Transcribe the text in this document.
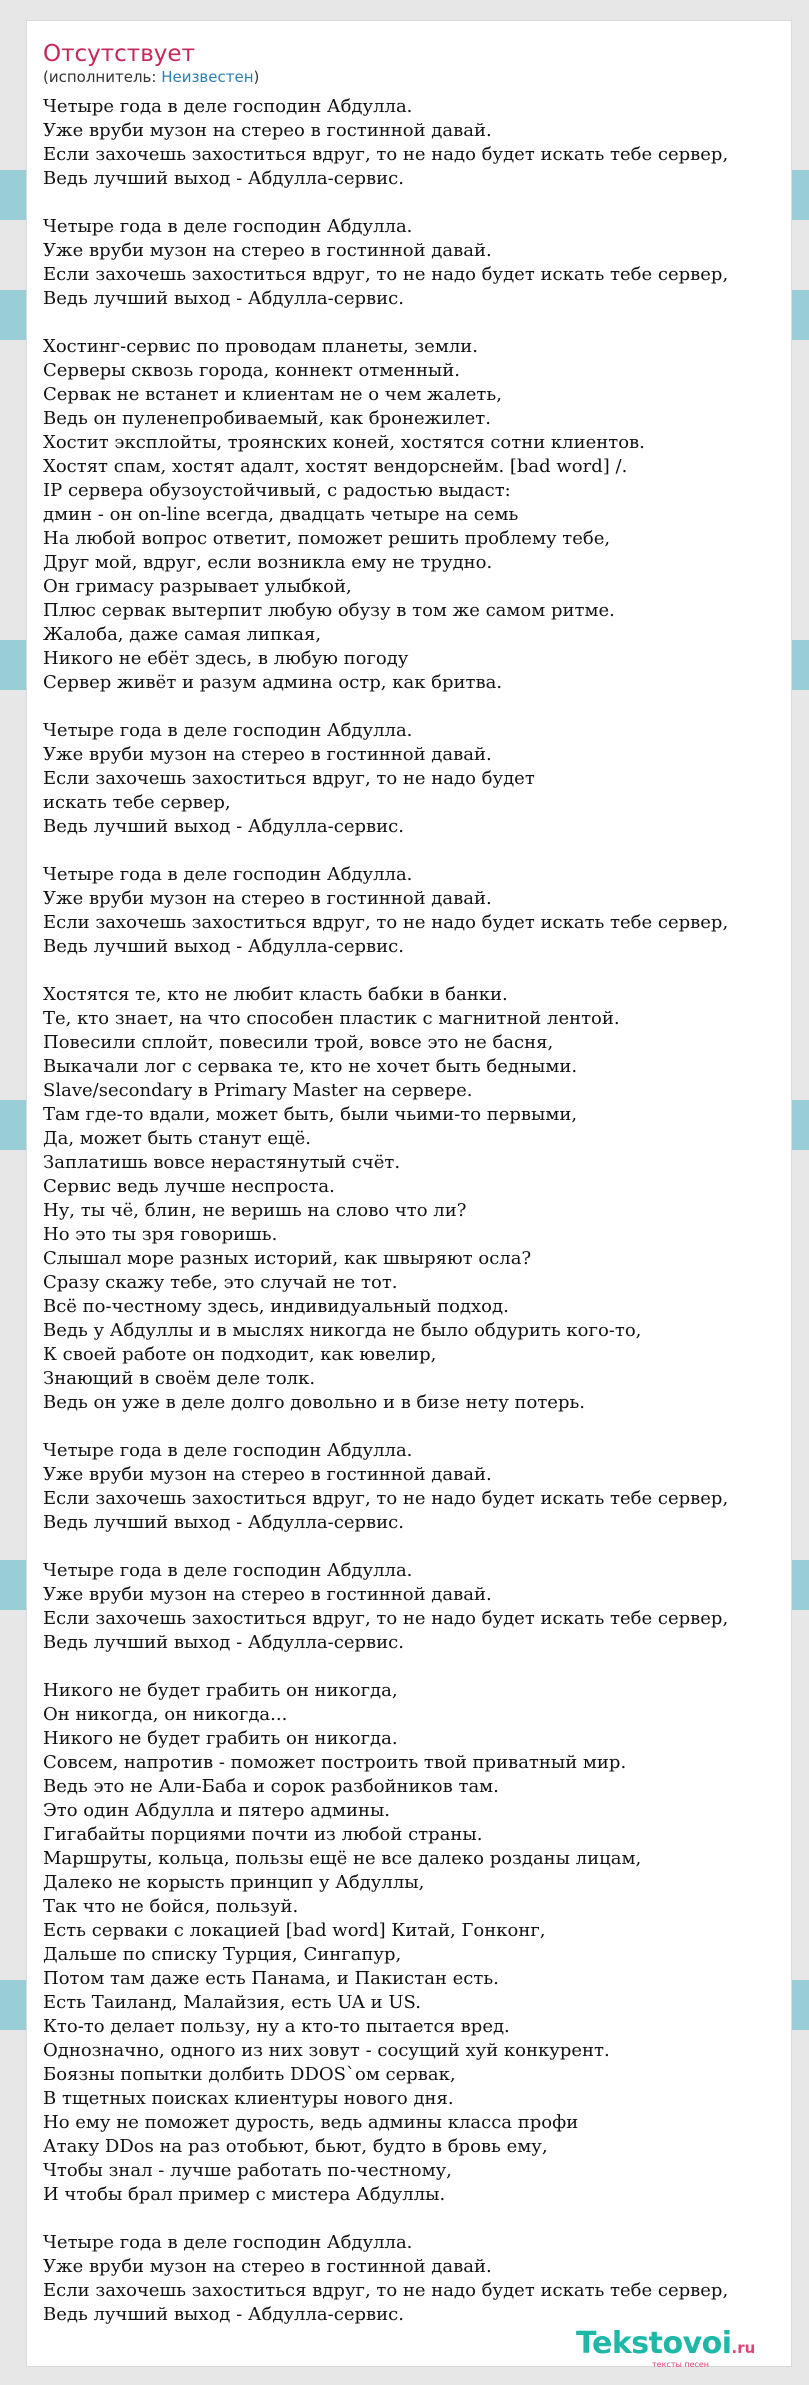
Отсутствует
(исполнитель: Неизвестен)
Четыре года в деле господин Абдулла.
Уже вруби музон на стерео в гостинной давай.
Если захочешь захоститься вдруг, то не надо будет искать тебе сервер,
Ведь лучший выход - Абдулла-сервис.
Четыре года в деле господин Абдулла.
Уже вруби музон на стерео в гостинной давай.
Если захочешь захоститься вдруг, то не надо будет искать тебе сервер,
Ведь лучший выход - Абдулла-сервис.
Хостинг-сервис по проводам планеты, земли.
Серверы сквозь города, коннект отменный.
Сервак не встанет и клиентам не о чем жалеть,
Ведь он пуленепробиваемый, как бронежилет.
Хостит эксплойты, троянских коней, хостятся сотни клиентов.
Хостят спам, хостят адалт, хостят вендорснейм. [bad word] /.
IP сервера обузоустойчивый, с радостью выдаст:
дмин - он on-line всегда, двадцать четыре на семь
На любой вопрос ответит, поможет решить проблему тебе,
Друг мой, вдруг, если возникла ему не трудно.
Он гримасу разрывает улыбкой,
Плюс сервак вытерпит любую обузу в том же самом ритме.
Жалоба, даже самая липкая,
Никого не ебёт здесь, в любую погоду
Сервер живёт и разум админа остр, как бритва.
Четыре года в деле господин Абдулла.
Уже вруби музон на стерео в гостинной давай.
Если захочешь захоститься вдруг, то не надо будет
искать тебе сервер,
Ведь лучший выход - Абдулла-сервис.
Четыре года в деле господин Абдулла.
Уже вруби музон на стерео в гостинной давай.
Если захочешь захоститься вдруг, то не надо будет искать тебе сервер,
Ведь лучший выход - Абдулла-сервис.
Хостятся те, кто не любит класть бабки в банки.
Те, кто знает, на что способен пластик с магнитной лентой.
Повесили сплойт, повесили трой, вовсе это не басня,
Выкачали лог с сервака те, кто не хочет быть бедными.
Slave/secondary в Primary Master на сервере.
Там где-то вдали, может быть, были чьими-то первыми,
Да, может быть станут ещё.
Заплатишь вовсе нерастянутый счёт.
Сервис ведь лучше неспроста.
Ну, ты чё, блин, не веришь на слово что ли?
Но это ты зря говоришь.
Слышал море разных историй, как швыряют осла?
Сразу скажу тебе, это случай не тот.
Всё по-честному здесь, индивидуальный подход.
Ведь у Абдуллы и в мыслях никогда не было обдурить кого-то,
К своей работе он подходит, как ювелир,
Знающий в своём деле толк.
Ведь он уже в деле долго довольно и в бизе нету потерь.
Четыре года в деле господин Абдулла.
Уже вруби музон на стерео в гостинной давай.
Если захочешь захоститься вдруг, то не надо будет искать тебе сервер,
Ведь лучший выход - Абдулла-сервис.
Четыре года в деле господин Абдулла.
Уже вруби музон на стерео в гостинной давай.
Если захочешь захоститься вдруг, то не надо будет искать тебе сервер,
Ведь лучший выход - Абдулла-сервис.
Никого не будет грабить он никогда,
Он никогда, он никогда...
Никого не будет грабить он никогда.
Совсем, напротив - поможет построить твой приватный мир.
Ведь это не Али-Баба и сорок разбойников там.
Это один Абдулла и пятеро админы.
Гигабайты порциями почти из любой страны.
Маршруты, кольца, пользы ещё не все далеко розданы лицам,
Далеко не корысть принцип у Абдуллы,
Так что не бойся, пользуй.
Есть серваки с локацией [bad word] Китай, Гонконг,
Дальше по списку Турция, Сингапур,
Потом там даже есть Панама, и Пакистан есть.
Есть Таиланд, Малайзия, есть UA и US.
Кто-то делает пользу, ну а кто-то пытается вред.
Однозначно, одного из них зовут - сосущий хуй конкурент.
Боязны попытки долбить DDOS`ом сервак,
В тщетных поисках клиентуры нового дня.
Но ему не поможет дурость, ведь админы класса профи
Атаку DDos на раз отобьют, бьют, будто в бровь ему,
Чтобы знал - лучше работать по-честному,
И чтобы брал пример с мистера Абдуллы.
Четыре года в деле господин Абдулла.
Уже вруби музон на стерео в гостинной давай.
Если захочешь захоститься вдруг, то не надо будет искать тебе сервер,
Ведь лучший выход - Абдулла-сервис.
Tekstovoi.ru
тексты песен
